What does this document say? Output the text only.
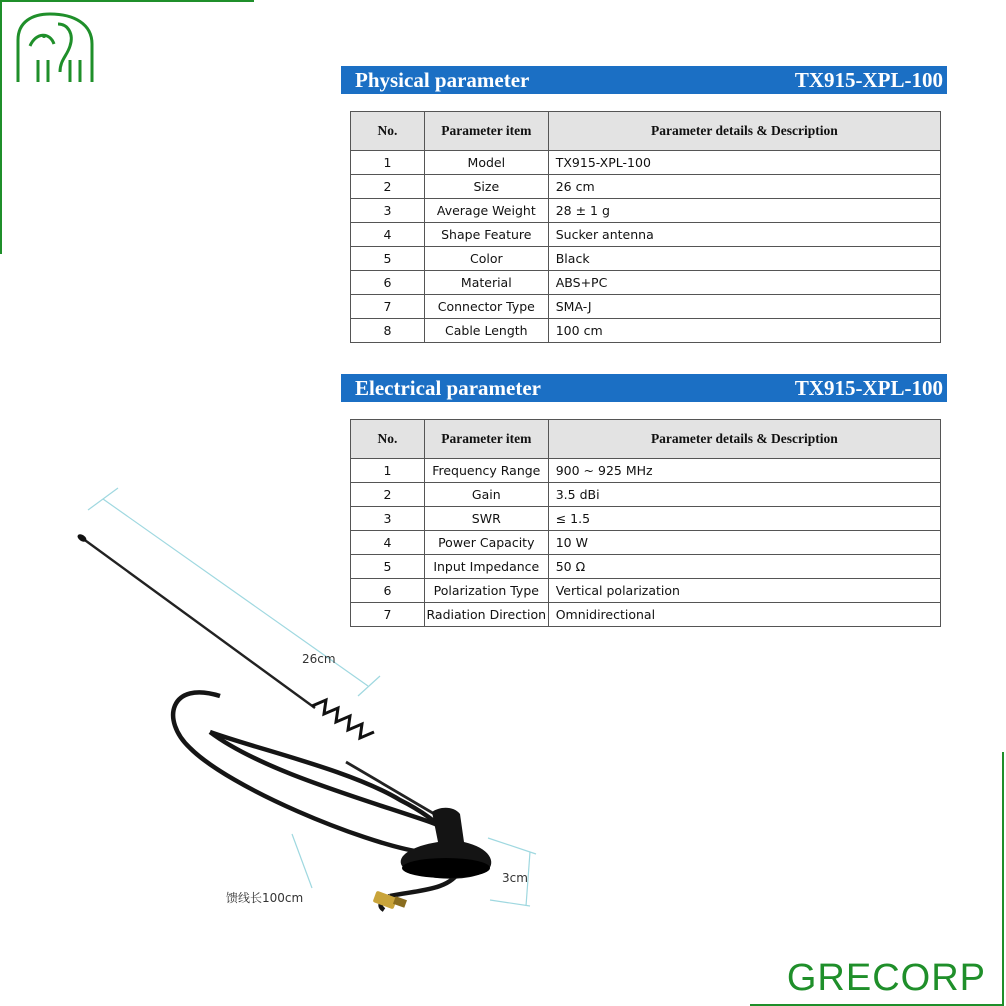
Physical parameter	TX915-XPL-100
No.	Parameter item	Parameter details & Description
1	Model	TX915-XPL-100
2	Size	26 cm
3	Average Weight	28 ± 1 g
4	Shape Feature	Sucker antenna
5	Color	Black
6	Material	ABS+PC
7	Connector Type	SMA-J
8	Cable Length	100 cm
Electrical parameter	TX915-XPL-100
No.	Parameter item	Parameter details & Description
1	Frequency Range	900 ~ 925 MHz
2	Gain	3.5 dBi
3	SWR	≤ 1.5
4	Power Capacity	10 W
5	Input Impedance	50 Ω
6	Polarization Type	Vertical polarization
7	Radiation Direction	Omnidirectional
26cm
3cm
馈线长100cm
GRECORP
